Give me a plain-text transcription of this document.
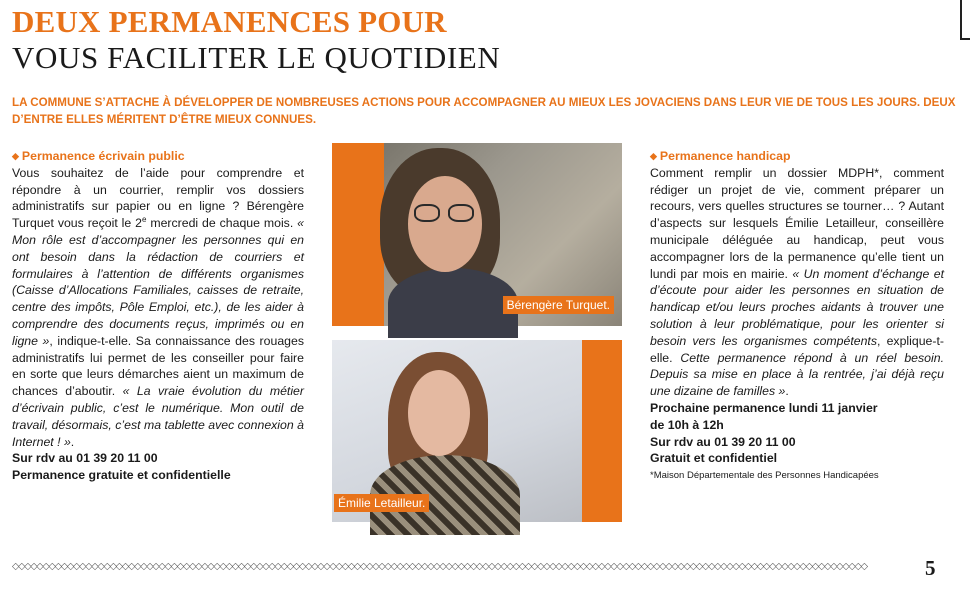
DEUX PERMANENCES POUR
VOUS FACILITER LE QUOTIDIEN
LA COMMUNE S’ATTACHE À DÉVELOPPER DE NOMBREUSES ACTIONS POUR ACCOMPAGNER AU MIEUX LES JOVACIENS DANS LEUR VIE DE TOUS LES JOURS. DEUX D’ENTRE ELLES MÉRITENT D’ÊTRE MIEUX CONNUES.
◆ Permanence écrivain public

Vous souhaitez de l’aide pour comprendre et répondre à un courrier, remplir vos dossiers administratifs sur papier ou en ligne ? Bérengère Turquet vous reçoit le 2e mercredi de chaque mois. « Mon rôle est d’accompagner les personnes qui en ont besoin dans la rédaction de courriers et formulaires à l’attention de différents organismes (Caisse d’Allocations Familiales, caisses de retraite, centre des impôts, Pôle Emploi, etc.), de les aider à comprendre des documents reçus, imprimés ou en ligne », indique-t-elle. Sa connaissance des rouages administratifs lui permet de les conseiller pour faire en sorte que leurs démarches aient un maximum de chances d’aboutir. « La vraie évolution du métier d’écrivain public, c’est le numérique. Mon outil de travail, désormais, c’est ma tablette avec connexion à Internet ! ».

Sur rdv au 01 39 20 11 00
Permanence gratuite et confidentielle
Bérengère Turquet.
Émilie Letailleur.
◆ Permanence handicap

Comment remplir un dossier MDPH*, comment rédiger un projet de vie, comment préparer un recours, vers quelles structures se tourner… ? Autant d’aspects sur lesquels Émilie Letailleur, conseillère municipale déléguée au handicap, peut vous accompagner lors de la permanence qu’elle tient un lundi par mois en mairie. « Un moment d’échange et d’écoute pour aider les personnes en situation de handicap et/ou leurs proches aidants à trouver une solution à leur problématique, pour les orienter si besoin vers les organismes compétents, explique-t-elle. Cette permanence répond à un réel besoin. Depuis sa mise en place à la rentrée, j’ai déjà reçu une dizaine de familles ».

Prochaine permanence lundi 11 janvier
de 10h à 12h
Sur rdv au 01 39 20 11 00
Gratuit et confidentiel
*Maison Départementale des Personnes Handicapées
◇◇◇◇◇◇◇◇◇◇◇◇◇◇◇◇◇◇◇◇◇◇◇◇◇◇◇◇◇◇◇◇◇◇◇◇◇◇◇◇◇◇◇◇◇◇◇◇◇◇◇◇◇◇◇◇◇◇◇◇◇◇◇◇◇◇◇◇◇◇◇◇◇◇◇◇◇◇◇◇◇◇◇◇◇◇◇◇◇◇◇◇◇◇◇◇◇◇◇◇◇◇◇◇◇◇◇◇◇◇◇◇◇◇◇◇◇◇◇◇◇◇◇◇◇◇◇◇◇◇◇◇◇◇◇◇◇◇◇◇	5
